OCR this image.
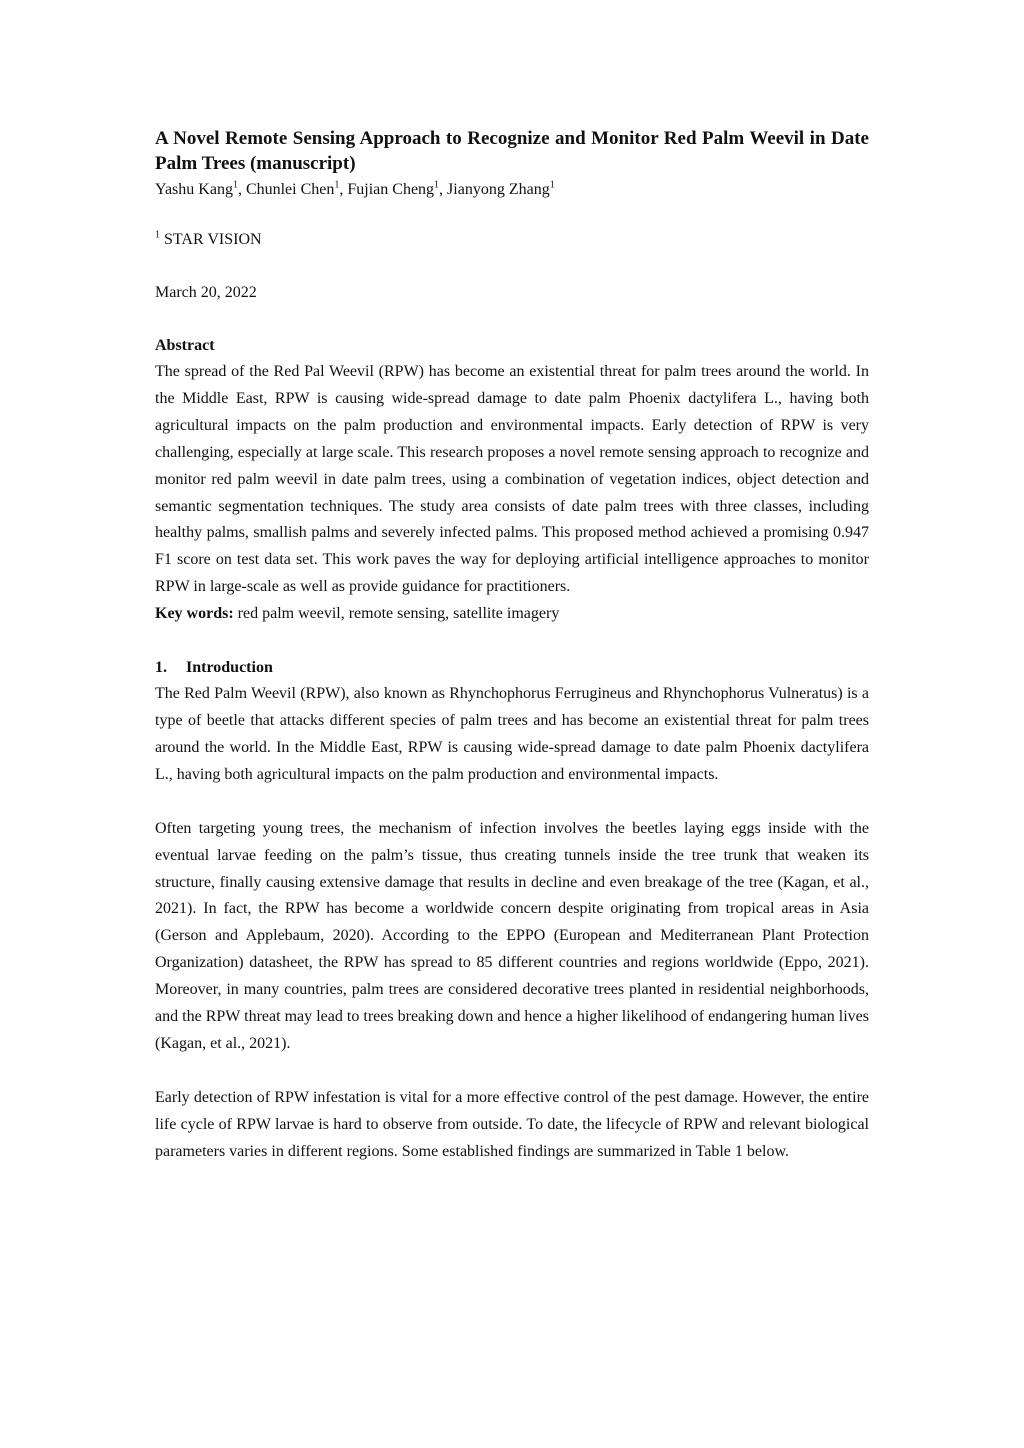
A Novel Remote Sensing Approach to Recognize and Monitor Red Palm Weevil in Date Palm Trees (manuscript)

Yashu Kang$^1$, Chunlei Chen$^1$, Fujian Cheng$^1$, Jianyong Zhang$^1$

$^1$ STAR VISION

March 20, 2022

Abstract

The spread of the Red Pal Weevil (RPW) has become an existential threat for palm trees around the world. In the Middle East, RPW is causing wide-spread damage to date palm Phoenix dactylifera L., having both agricultural impacts on the palm production and environmental impacts. Early detection of RPW is very challenging, especially at large scale. This research proposes a novel remote sensing approach to recognize and monitor red palm weevil in date palm trees, using a combination of vegetation indices, object detection and semantic segmentation techniques. The study area consists of date palm trees with three classes, including healthy palms, smallish palms and severely infected palms. This proposed method achieved a promising 0.947 F1 score on test data set. This work paves the way for deploying artificial intelligence approaches to monitor RPW in large-scale as well as provide guidance for practitioners.

Key words: red palm weevil, remote sensing, satellite imagery

1. Introduction

The Red Palm Weevil (RPW), also known as Rhynchophorus Ferrugineus and Rhynchophorus Vulneratus) is a type of beetle that attacks different species of palm trees and has become an existential threat for palm trees around the world. In the Middle East, RPW is causing wide-spread damage to date palm Phoenix dactylifera L., having both agricultural impacts on the palm production and environmental impacts.

Often targeting young trees, the mechanism of infection involves the beetles laying eggs inside with the eventual larvae feeding on the palm’s tissue, thus creating tunnels inside the tree trunk that weaken its structure, finally causing extensive damage that results in decline and even breakage of the tree (Kagan, et al., 2021). In fact, the RPW has become a worldwide concern despite originating from tropical areas in Asia (Gerson and Applebaum, 2020). According to the EPPO (European and Mediterranean Plant Protection Organization) datasheet, the RPW has spread to 85 different countries and regions worldwide (Eppo, 2021). Moreover, in many countries, palm trees are considered decorative trees planted in residential neighborhoods, and the RPW threat may lead to trees breaking down and hence a higher likelihood of endangering human lives (Kagan, et al., 2021).

Early detection of RPW infestation is vital for a more effective control of the pest damage. However, the entire life cycle of RPW larvae is hard to observe from outside. To date, the lifecycle of RPW and relevant biological parameters varies in different regions. Some established findings are summarized in Table 1 below.
